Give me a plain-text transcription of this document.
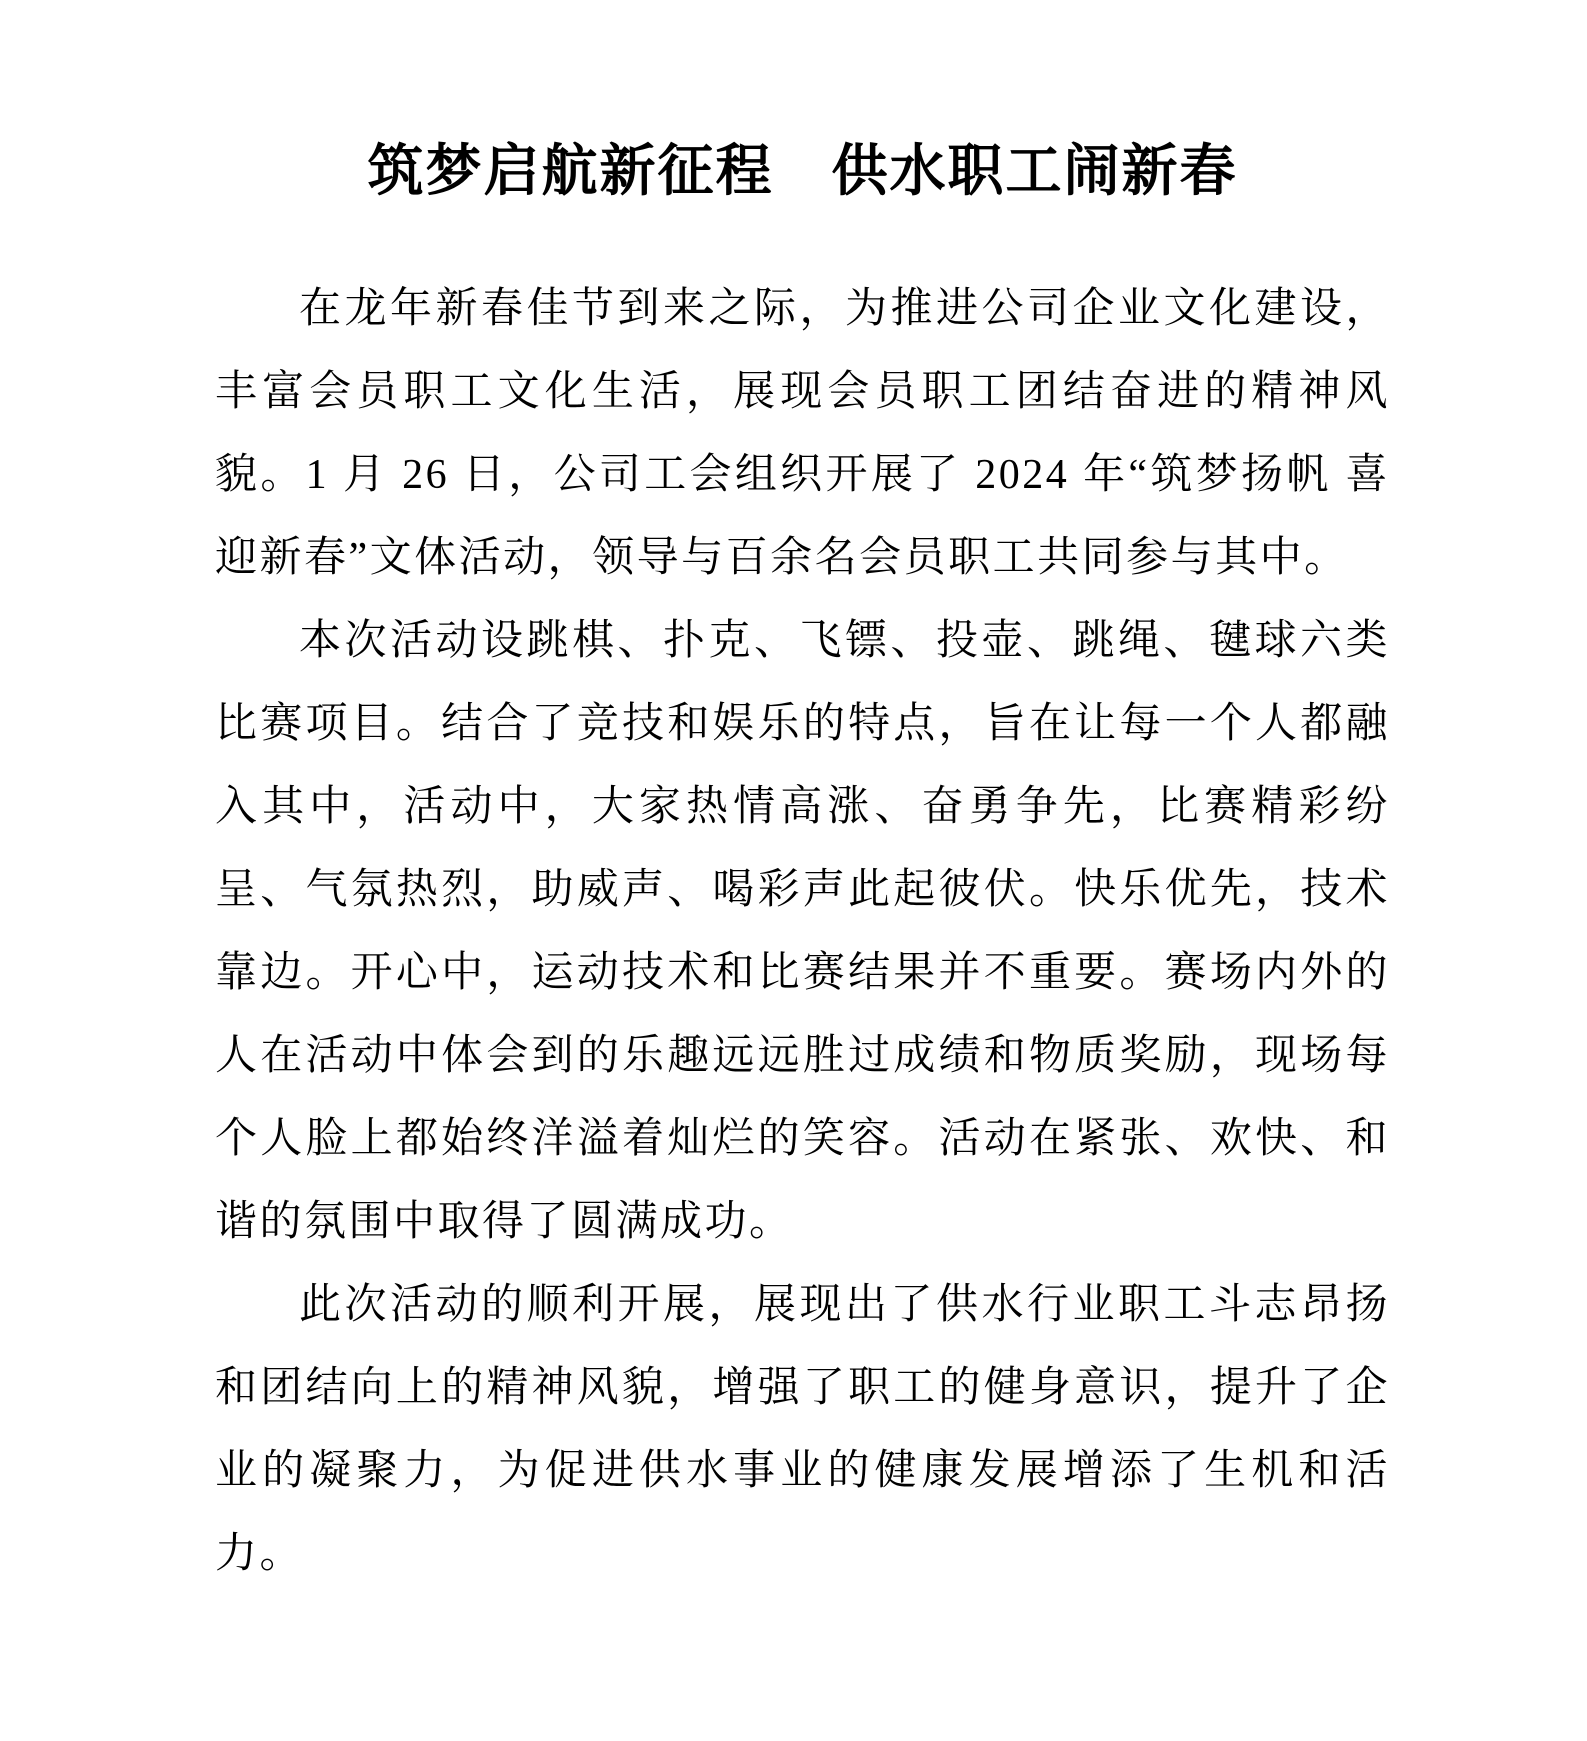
筑梦启航新征程　供水职工闹新春

在龙年新春佳节到来之际，为推进公司企业文化建设，丰富会员职工文化生活，展现会员职工团结奋进的精神风貌。1 月 26 日，公司工会组织开展了 2024 年“筑梦扬帆 喜迎新春”文体活动，领导与百余名会员职工共同参与其中。

本次活动设跳棋、扑克、飞镖、投壶、跳绳、毽球六类比赛项目。结合了竞技和娱乐的特点，旨在让每一个人都融入其中，活动中，大家热情高涨、奋勇争先，比赛精彩纷呈、气氛热烈，助威声、喝彩声此起彼伏。快乐优先，技术靠边。开心中，运动技术和比赛结果并不重要。赛场内外的人在活动中体会到的乐趣远远胜过成绩和物质奖励，现场每个人脸上都始终洋溢着灿烂的笑容。活动在紧张、欢快、和谐的氛围中取得了圆满成功。

此次活动的顺利开展，展现出了供水行业职工斗志昂扬和团结向上的精神风貌，增强了职工的健身意识，提升了企业的凝聚力，为促进供水事业的健康发展增添了生机和活力。
